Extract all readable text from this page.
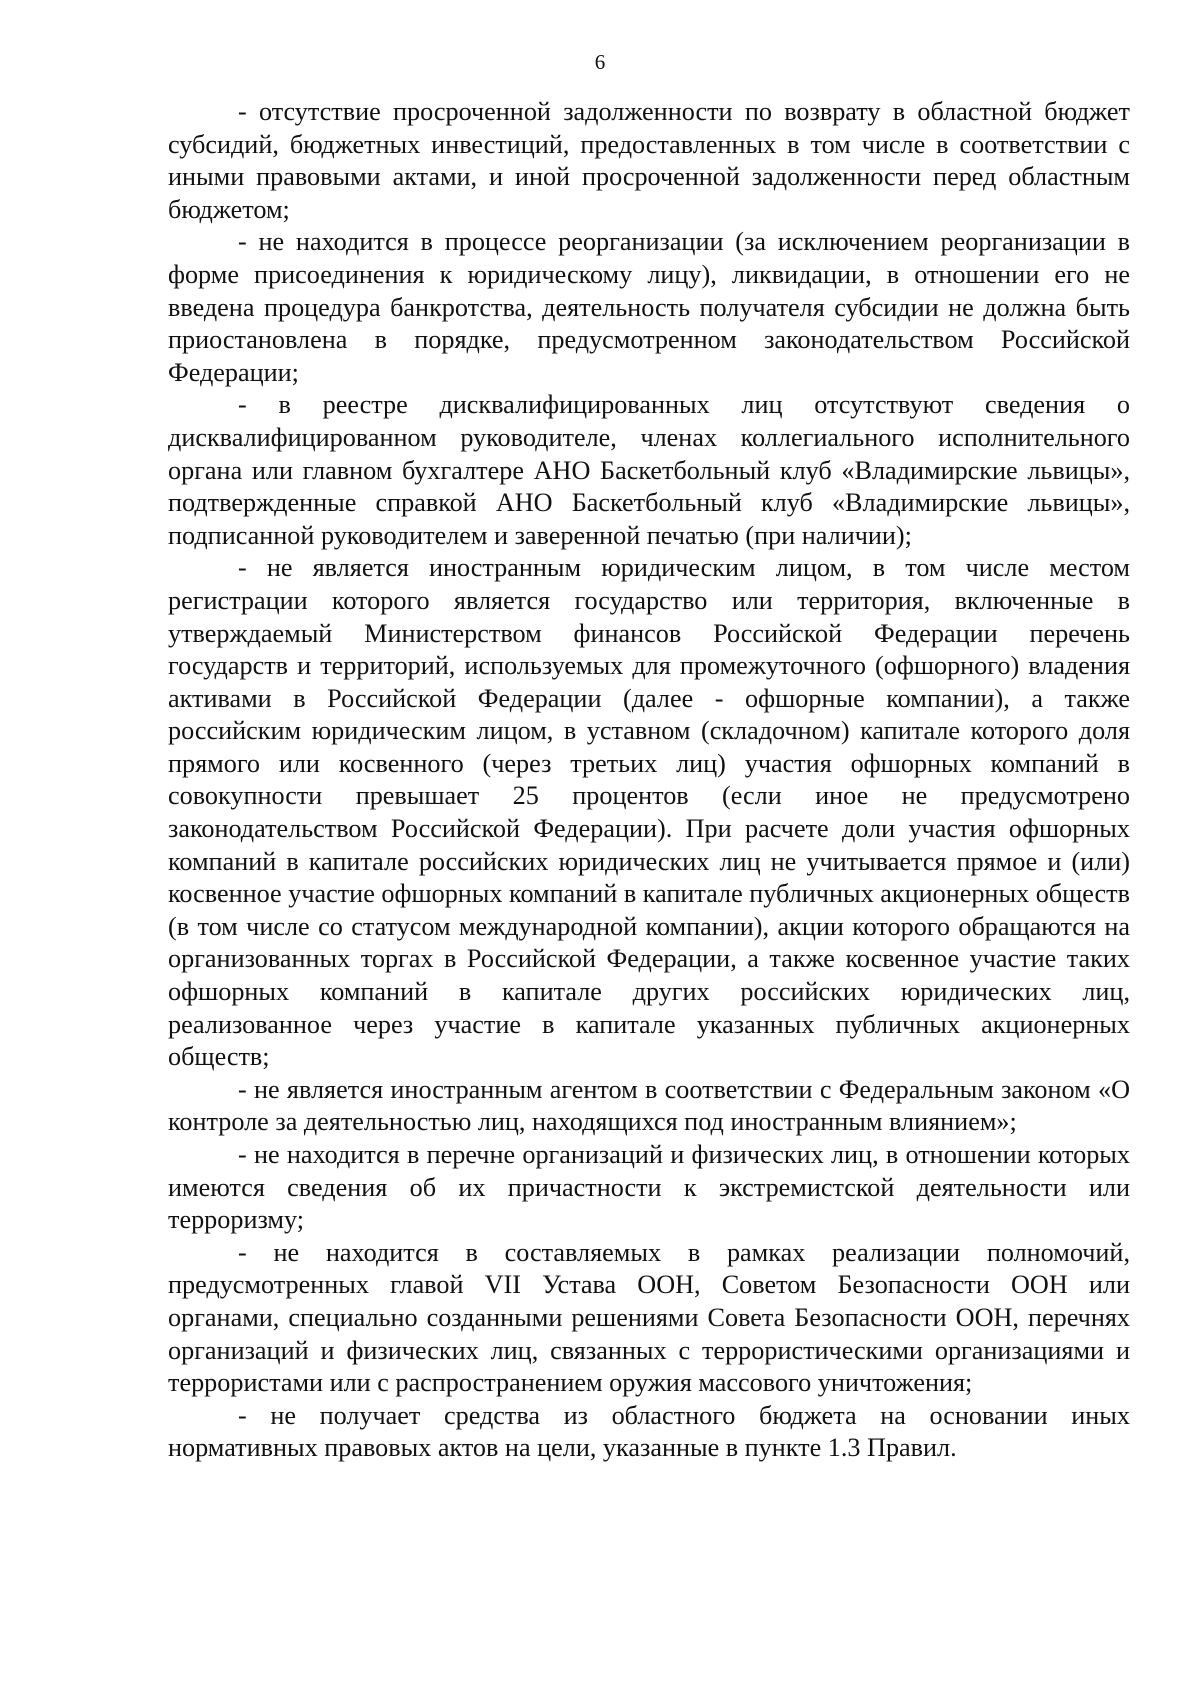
6

- отсутствие просроченной задолженности по возврату в областной бюджет субсидий, бюджетных инвестиций, предоставленных в том числе в соответствии с иными правовыми актами, и иной просроченной задолженности перед областным бюджетом;

- не находится в процессе реорганизации (за исключением реорганизации в форме присоединения к юридическому лицу), ликвидации, в отношении его не введена процедура банкротства, деятельность получателя субсидии не должна быть приостановлена в порядке, предусмотренном законодательством Российской Федерации;

- в реестре дисквалифицированных лиц отсутствуют сведения о дисквалифицированном руководителе, членах коллегиального исполнительного органа или главном бухгалтере АНО Баскетбольный клуб «Владимирские львицы», подтвержденные справкой АНО Баскетбольный клуб «Владимирские львицы», подписанной руководителем и заверенной печатью (при наличии);

- не является иностранным юридическим лицом, в том числе местом регистрации которого является государство или территория, включенные в утверждаемый Министерством финансов Российской Федерации перечень государств и территорий, используемых для промежуточного (офшорного) владения активами в Российской Федерации (далее - офшорные компании), а также российским юридическим лицом, в уставном (складочном) капитале которого доля прямого или косвенного (через третьих лиц) участия офшорных компаний в совокупности превышает 25 процентов (если иное не предусмотрено законодательством Российской Федерации). При расчете доли участия офшорных компаний в капитале российских юридических лиц не учитывается прямое и (или) косвенное участие офшорных компаний в капитале публичных акционерных обществ (в том числе со статусом международной компании), акции которого обращаются на организованных торгах в Российской Федерации, а также косвенное участие таких офшорных компаний в капитале других российских юридических лиц, реализованное через участие в капитале указанных публичных акционерных обществ;

- не является иностранным агентом в соответствии с Федеральным законом «О контроле за деятельностью лиц, находящихся под иностранным влиянием»;

- не находится в перечне организаций и физических лиц, в отношении которых имеются сведения об их причастности к экстремистской деятельности или терроризму;

- не находится в составляемых в рамках реализации полномочий, предусмотренных главой VII Устава ООН, Советом Безопасности ООН или органами, специально созданными решениями Совета Безопасности ООН, перечнях организаций и физических лиц, связанных с террористическими организациями и террористами или с распространением оружия массового уничтожения;

- не получает средства из областного бюджета на основании иных нормативных правовых актов на цели, указанные в пункте 1.3 Правил.
